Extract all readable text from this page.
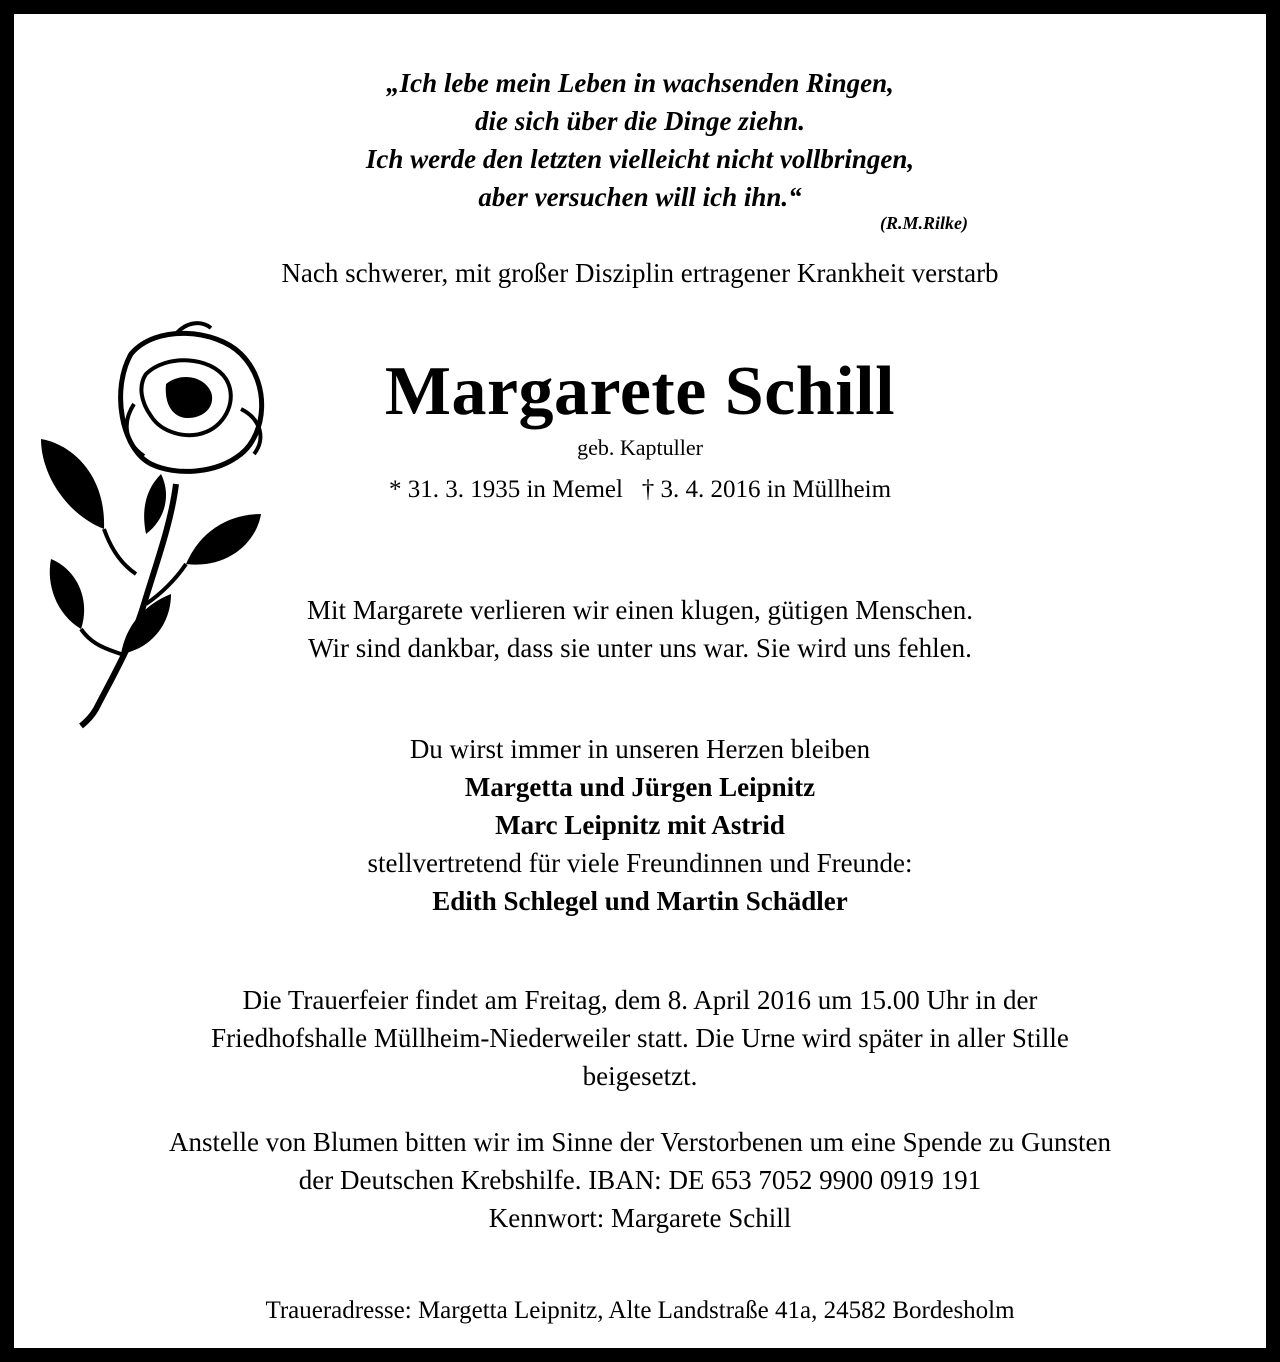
„Ich lebe mein Leben in wachsenden Ringen,
die sich über die Dinge ziehn.
Ich werde den letzten vielleicht nicht vollbringen,
aber versuchen will ich ihn.“
(R.M.Rilke)
Nach schwerer, mit großer Disziplin ertragener Krankheit verstarb
Margarete Schill
geb. Kaptuller
* 31. 3. 1935 in Memel † 3. 4. 2016 in Müllheim
Mit Margarete verlieren wir einen klugen, gütigen Menschen.
Wir sind dankbar, dass sie unter uns war. Sie wird uns fehlen.
Du wirst immer in unseren Herzen bleiben
Margetta und Jürgen Leipnitz
Marc Leipnitz mit Astrid
stellvertretend für viele Freundinnen und Freunde:
Edith Schlegel und Martin Schädler
Die Trauerfeier findet am Freitag, dem 8. April 2016 um 15.00 Uhr in der
Friedhofshalle Müllheim-Niederweiler statt. Die Urne wird später in aller Stille
beigesetzt.
Anstelle von Blumen bitten wir im Sinne der Verstorbenen um eine Spende zu Gunsten
der Deutschen Krebshilfe. IBAN: DE 653 7052 9900 0919 191
Kennwort: Margarete Schill
Traueradresse: Margetta Leipnitz, Alte Landstraße 41a, 24582 Bordesholm
